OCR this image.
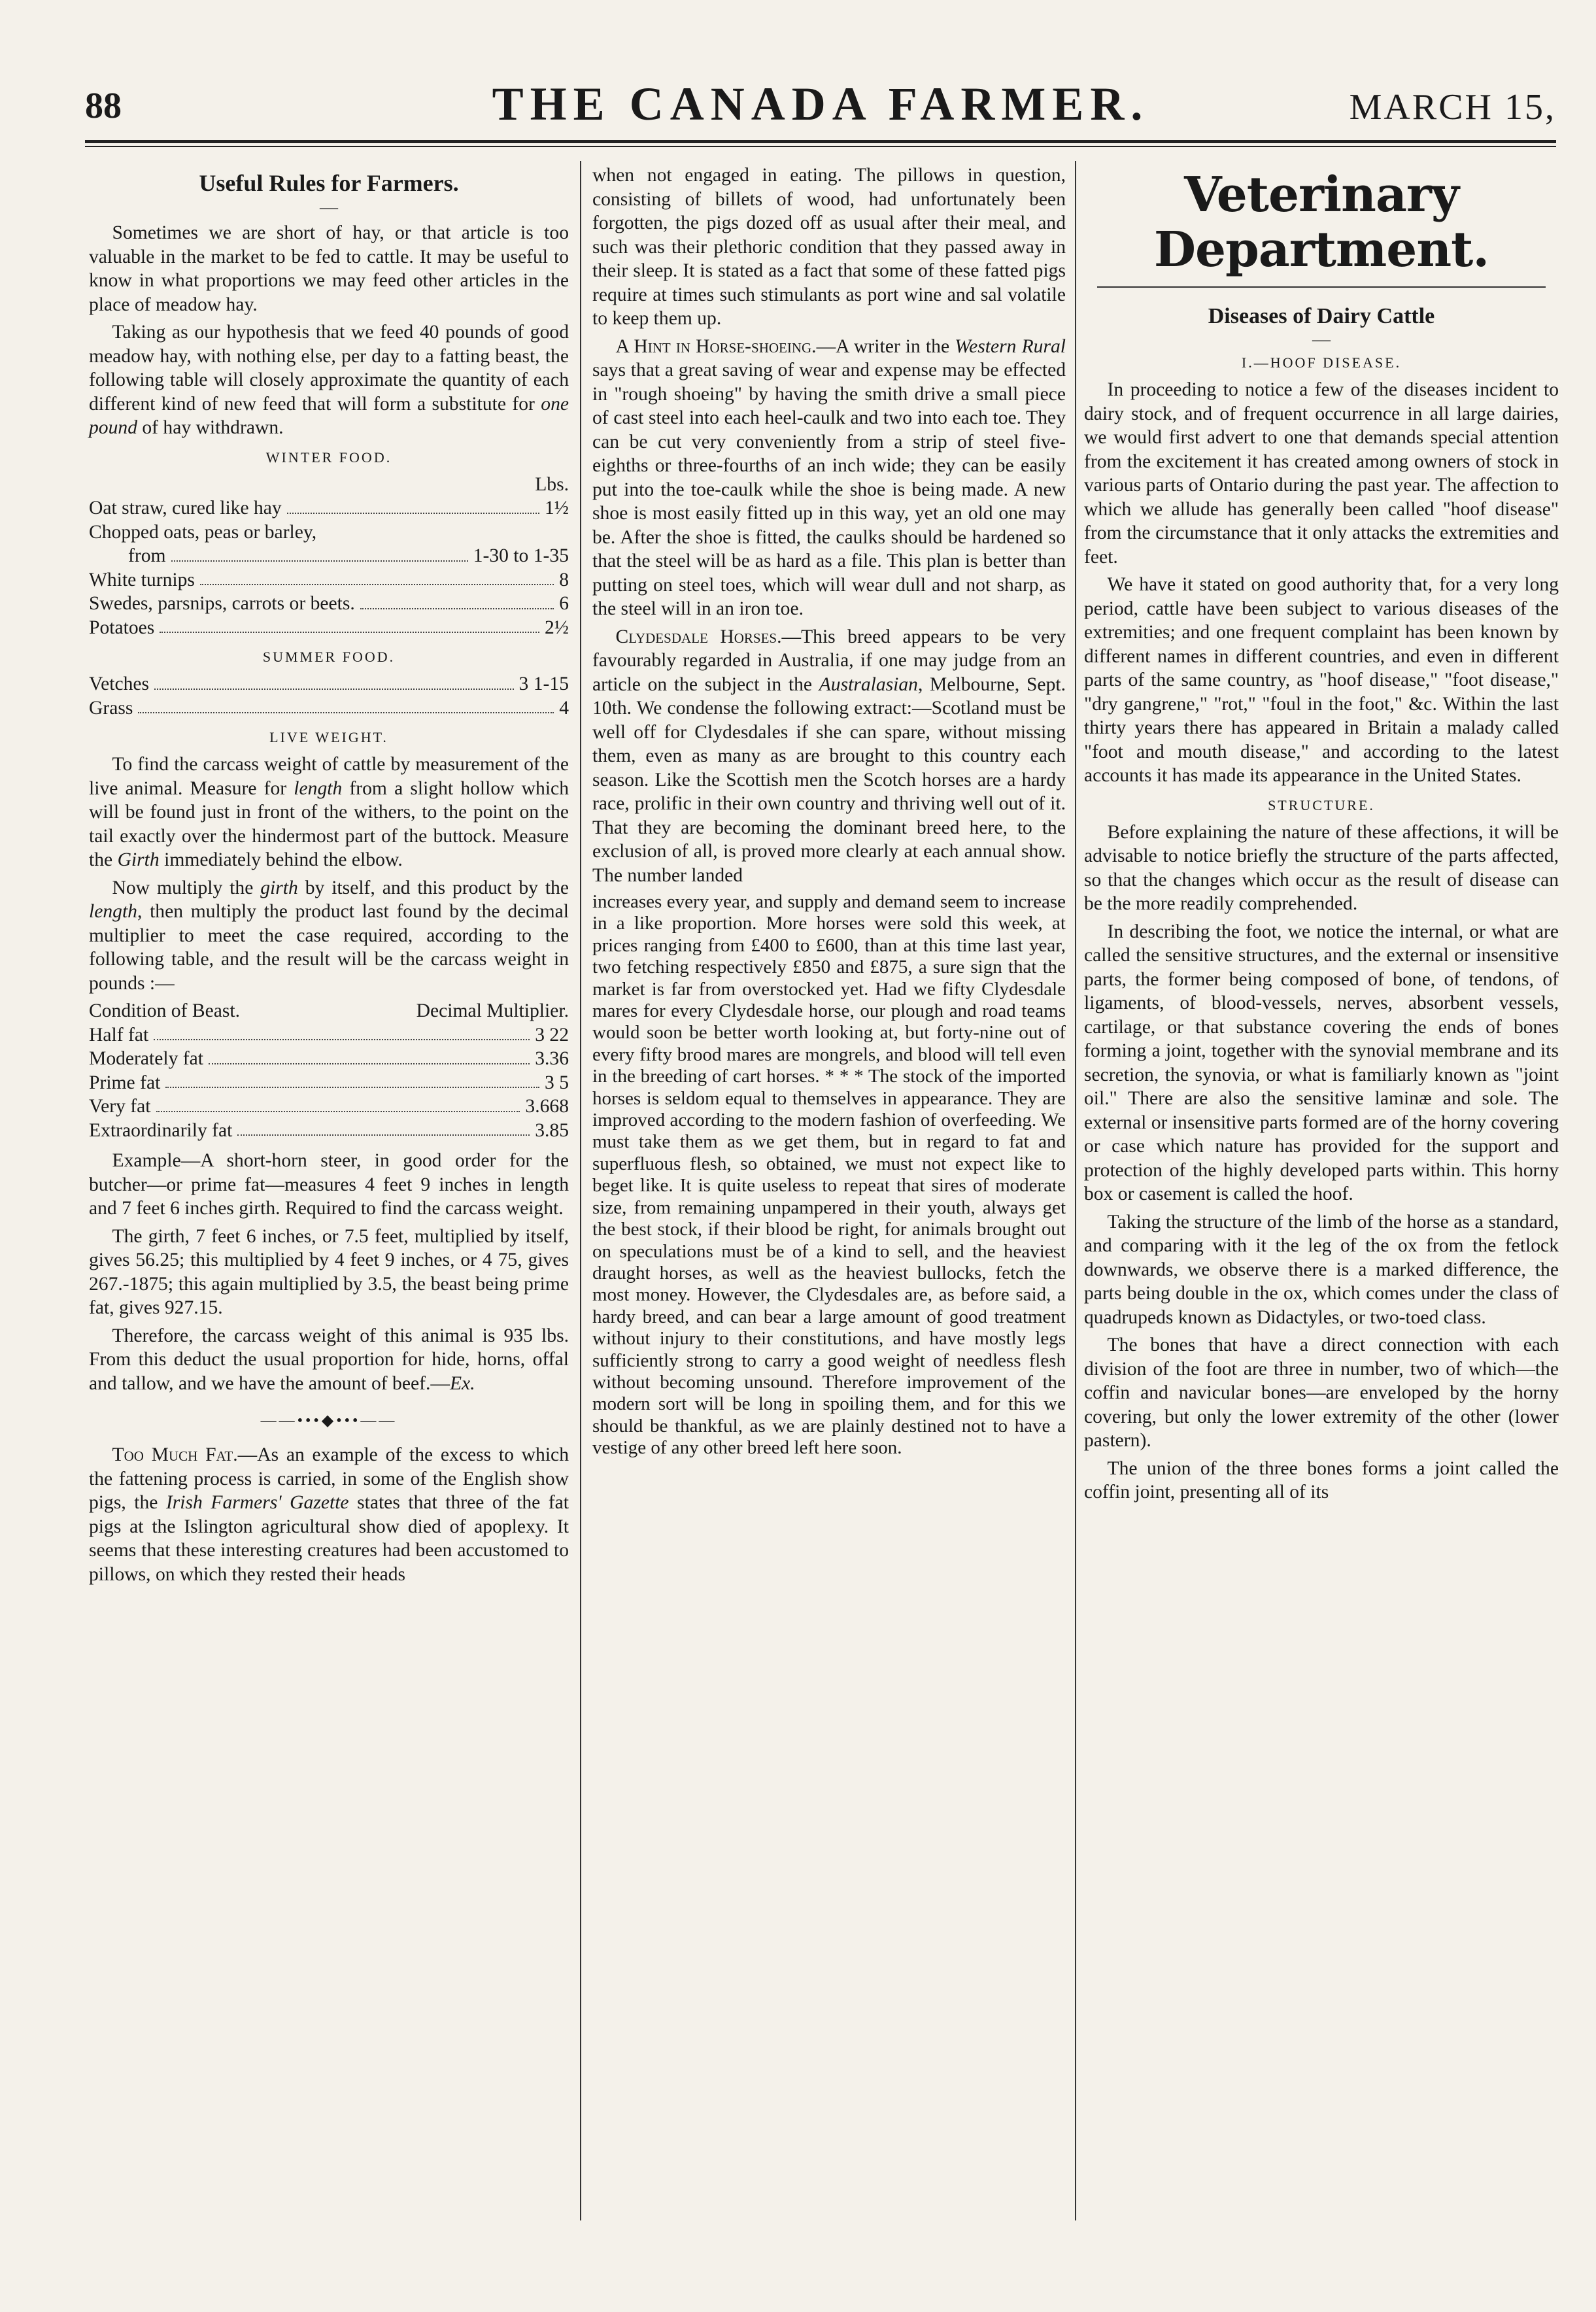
88	THE CANADA FARMER.	MARCH 15,
Useful Rules for Farmers.
—

Sometimes we are short of hay, or that article is too valuable in the market to be fed to cattle. It may be useful to know in what proportions we may feed other articles in the place of meadow hay.

Taking as our hypothesis that we feed 40 pounds of good meadow hay, with nothing else, per day to a fatting beast, the following table will closely approximate the quantity of each different kind of new feed that will form a substitute for one pound of hay withdrawn.

WINTER FOOD.
Lbs.
Oat straw, cured like hay	1½
Chopped oats, peas or barley,
from	1-30 to 1-35
White turnips	8
Swedes, parsnips, carrots or beets.	6
Potatoes	2½
SUMMER FOOD.
Vetches	3 1-15
Grass	4
LIVE WEIGHT.

To find the carcass weight of cattle by measurement of the live animal. Measure for length from a slight hollow which will be found just in front of the withers, to the point on the tail exactly over the hindermost part of the buttock. Measure the Girth immediately behind the elbow.

Now multiply the girth by itself, and this product by the length, then multiply the product last found by the decimal multiplier to meet the case required, according to the following table, and the result will be the carcass weight in pounds :—

Condition of Beast.	Decimal Multiplier.
Half fat	3 22
Moderately fat	3.36
Prime fat	3 5
Very fat	3.668
Extraordinarily fat	3.85

Example—A short-horn steer, in good order for the butcher—or prime fat—measures 4 feet 9 inches in length and 7 feet 6 inches girth. Required to find the carcass weight.

The girth, 7 feet 6 inches, or 7.5 feet, multiplied by itself, gives 56.25; this multiplied by 4 feet 9 inches, or 4 75, gives 267.-1875; this again multiplied by 3.5, the beast being prime fat, gives 927.15.

Therefore, the carcass weight of this animal is 935 lbs. From this deduct the usual proportion for hide, horns, offal and tallow, and we have the amount of beef.—Ex.

——•••◆•••——

Too Much Fat.—As an example of the excess to which the fattening process is carried, in some of the English show pigs, the Irish Farmers' Gazette states that three of the fat pigs at the Islington agricultural show died of apoplexy. It seems that these interesting creatures had been accustomed to pillows, on which they rested their heads

when not engaged in eating. The pillows in question, consisting of billets of wood, had unfortunately been forgotten, the pigs dozed off as usual after their meal, and such was their plethoric condition that they passed away in their sleep. It is stated as a fact that some of these fatted pigs require at times such stimulants as port wine and sal volatile to keep them up.

A Hint in Horse-shoeing.—A writer in the Western Rural says that a great saving of wear and expense may be effected in "rough shoeing" by having the smith drive a small piece of cast steel into each heel-caulk and two into each toe. They can be cut very conveniently from a strip of steel five-eighths or three-fourths of an inch wide; they can be easily put into the toe-caulk while the shoe is being made. A new shoe is most easily fitted up in this way, yet an old one may be. After the shoe is fitted, the caulks should be hardened so that the steel will be as hard as a file. This plan is better than putting on steel toes, which will wear dull and not sharp, as the steel will in an iron toe.

Clydesdale Horses.—This breed appears to be very favourably regarded in Australia, if one may judge from an article on the subject in the Australasian, Melbourne, Sept. 10th. We condense the following extract:—Scotland must be well off for Clydesdales if she can spare, without missing them, even as many as are brought to this country each season. Like the Scottish men the Scotch horses are a hardy race, prolific in their own country and thriving well out of it. That they are becoming the dominant breed here, to the exclusion of all, is proved more clearly at each annual show. The number landed

increases every year, and supply and demand seem to increase in a like proportion. More horses were sold this week, at prices ranging from £400 to £600, than at this time last year, two fetching respectively £850 and £875, a sure sign that the market is far from overstocked yet. Had we fifty Clydesdale mares for every Clydesdale horse, our plough and road teams would soon be better worth looking at, but forty-nine out of every fifty brood mares are mongrels, and blood will tell even in the breeding of cart horses. * * * The stock of the imported horses is seldom equal to themselves in appearance. They are improved according to the modern fashion of overfeeding. We must take them as we get them, but in regard to fat and superfluous flesh, so obtained, we must not expect like to beget like. It is quite useless to repeat that sires of moderate size, from remaining unpampered in their youth, always get the best stock, if their blood be right, for animals brought out on speculations must be of a kind to sell, and the heaviest draught horses, as well as the heaviest bullocks, fetch the most money. However, the Clydesdales are, as before said, a hardy breed, and can bear a large amount of good treatment without injury to their constitutions, and have mostly legs sufficiently strong to carry a good weight of needless flesh without becoming unsound. Therefore improvement of the modern sort will be long in spoiling them, and for this we should be thankful, as we are plainly destined not to have a vestige of any other breed left here soon.

Veterinary Department.
Diseases of Dairy Cattle
—
I.—HOOF DISEASE.

In proceeding to notice a few of the diseases incident to dairy stock, and of frequent occurrence in all large dairies, we would first advert to one that demands special attention from the excitement it has created among owners of stock in various parts of Ontario during the past year. The affection to which we allude has generally been called "hoof disease" from the circumstance that it only attacks the extremities and feet.

We have it stated on good authority that, for a very long period, cattle have been subject to various diseases of the extremities; and one frequent complaint has been known by different names in different countries, and even in different parts of the same country, as "hoof disease," "foot disease," "dry gangrene," "rot," "foul in the foot," &c. Within the last thirty years there has appeared in Britain a malady called "foot and mouth disease," and according to the latest accounts it has made its appearance in the United States.

STRUCTURE.

Before explaining the nature of these affections, it will be advisable to notice briefly the structure of the parts affected, so that the changes which occur as the result of disease can be the more readily comprehended.

In describing the foot, we notice the internal, or what are called the sensitive structures, and the external or insensitive parts, the former being composed of bone, of tendons, of ligaments, of blood-vessels, nerves, absorbent vessels, cartilage, or that substance covering the ends of bones forming a joint, together with the synovial membrane and its secretion, the synovia, or what is familiarly known as "joint oil." There are also the sensitive laminæ and sole. The external or insensitive parts formed are of the horny covering or case which nature has provided for the support and protection of the highly developed parts within. This horny box or casement is called the hoof.

Taking the structure of the limb of the horse as a standard, and comparing with it the leg of the ox from the fetlock downwards, we observe there is a marked difference, the parts being double in the ox, which comes under the class of quadrupeds known as Didactyles, or two-toed class.

The bones that have a direct connection with each division of the foot are three in number, two of which—the coffin and navicular bones—are enveloped by the horny covering, but only the lower extremity of the other (lower pastern).

The union of the three bones forms a joint called the coffin joint, presenting all of its
